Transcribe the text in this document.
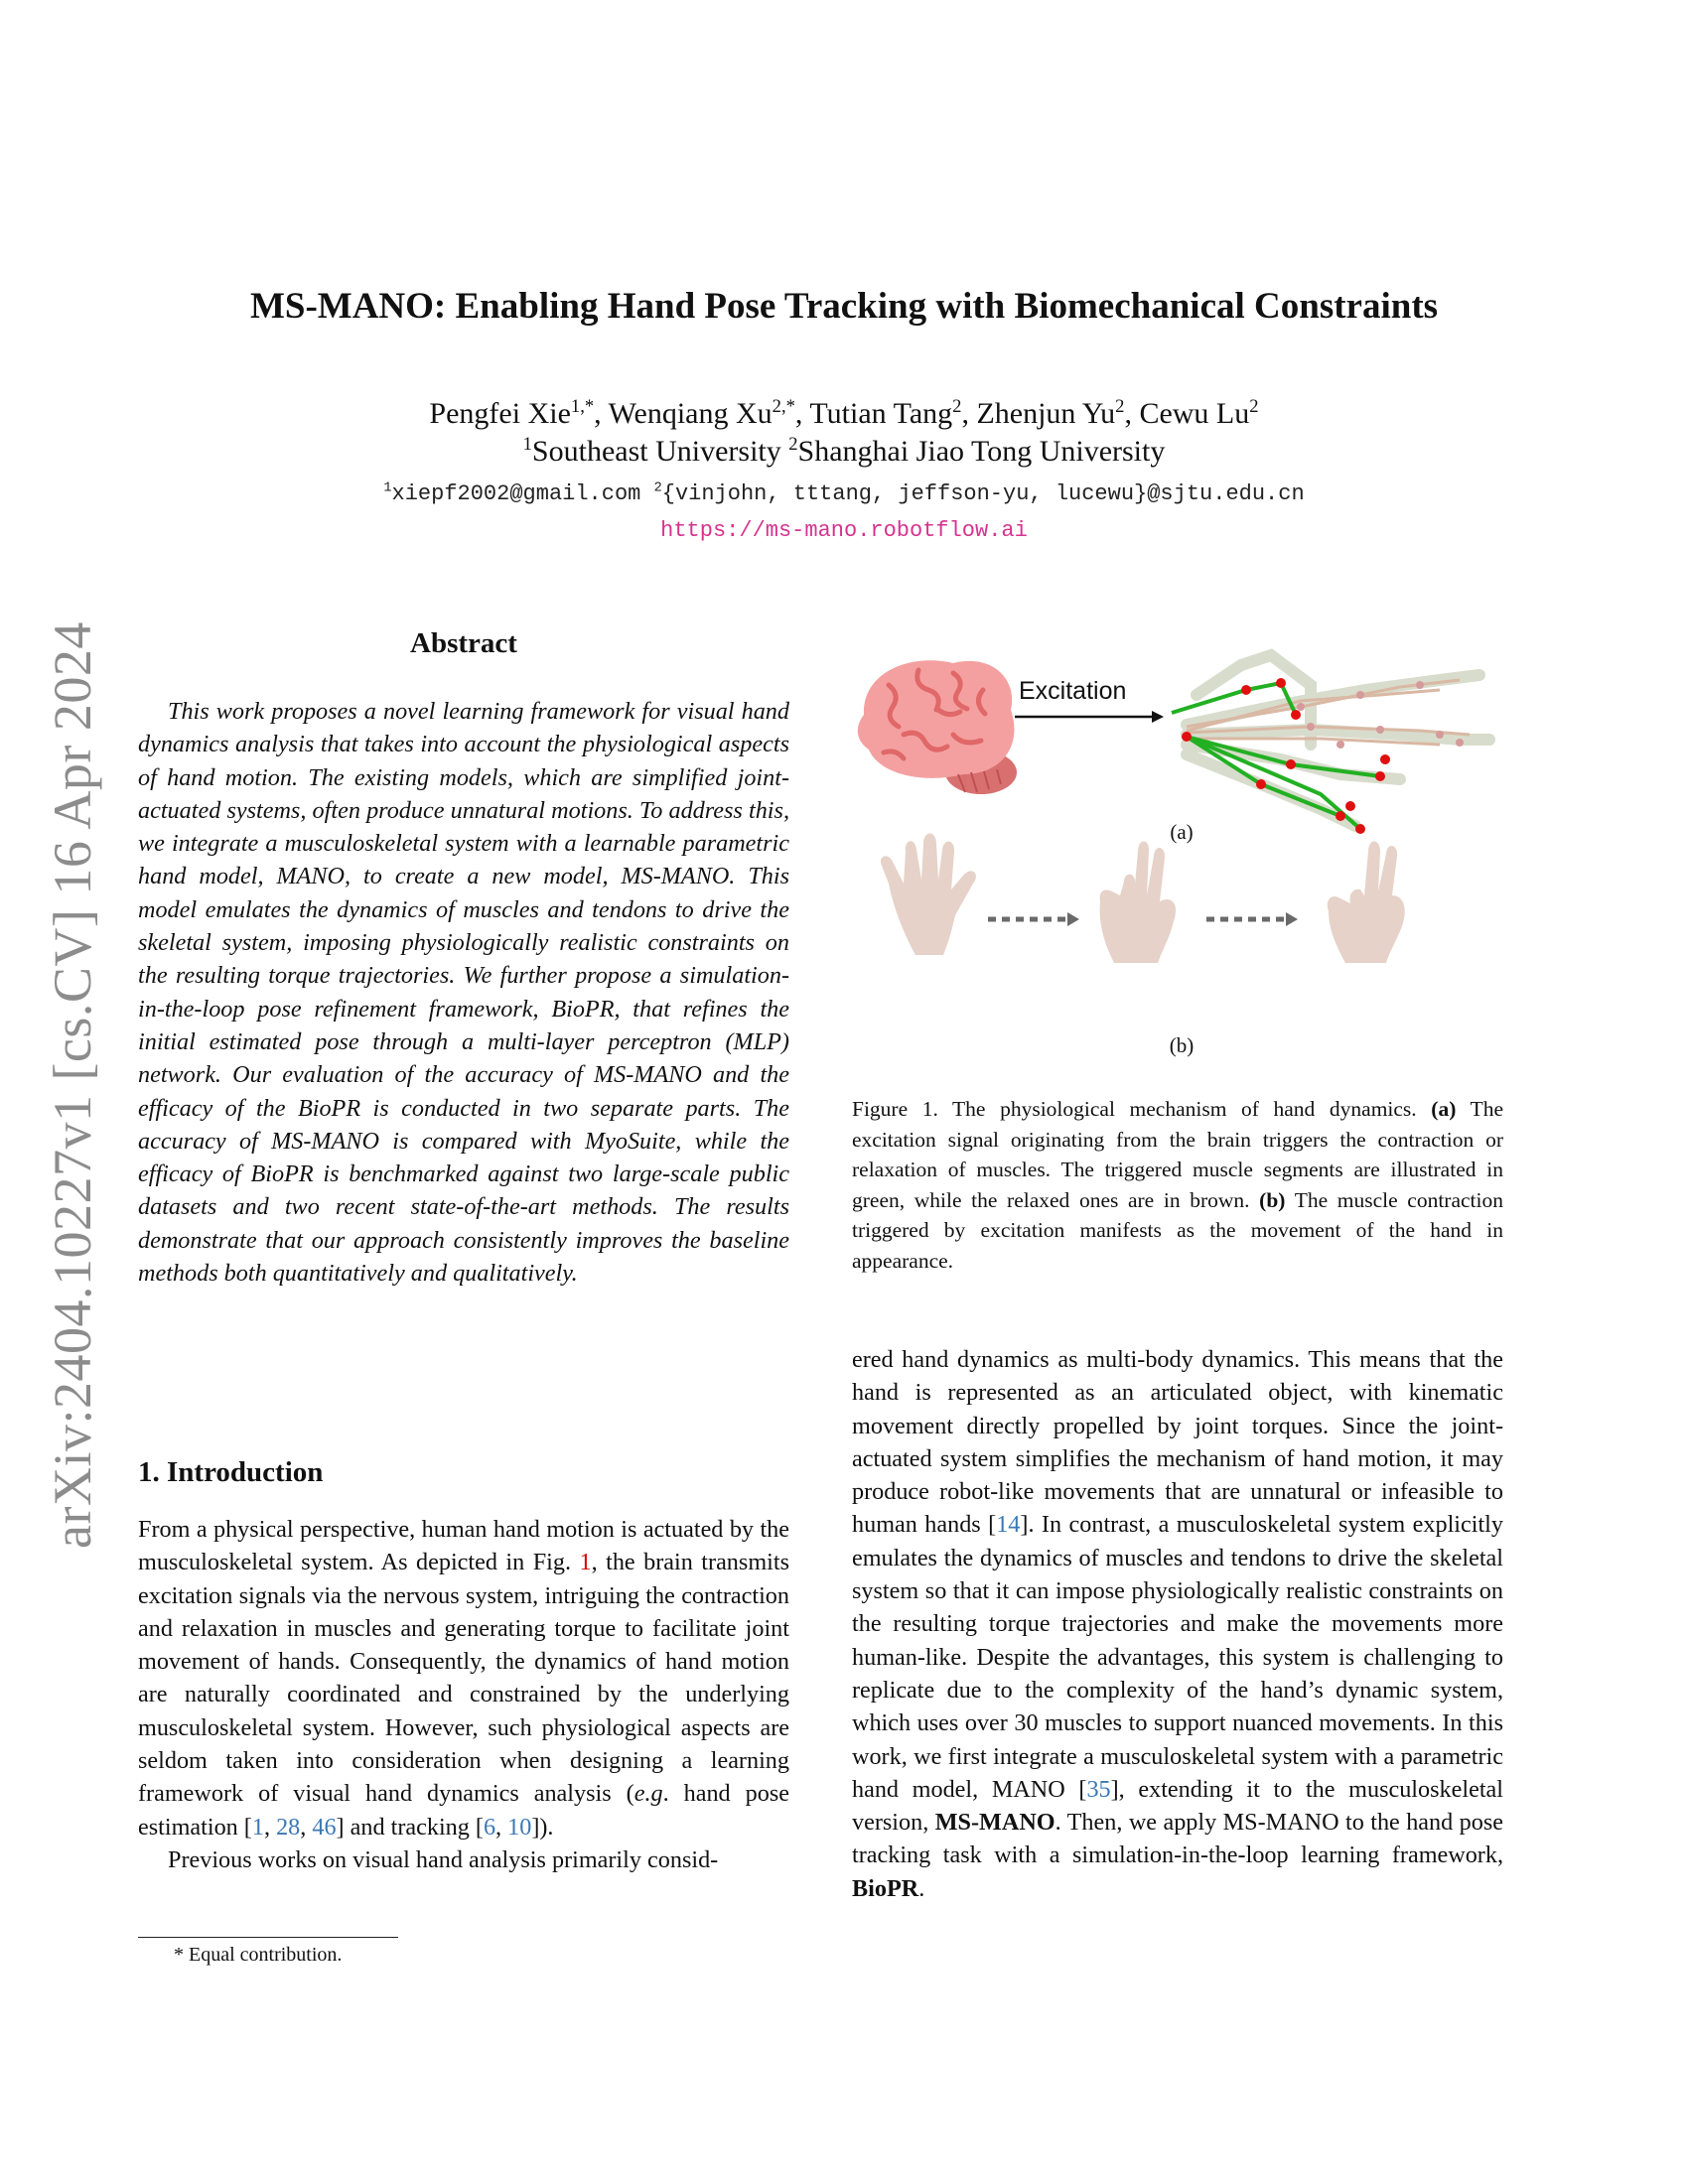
arXiv:2404.10227v1 [cs.CV] 16 Apr 2024
MS-MANO: Enabling Hand Pose Tracking with Biomechanical Constraints
Pengfei Xie$^{1,*}$, Wenqiang $Xu^{2,*}$, Tutian Tang$^2$, Zhenjun Yu$^2$, Cewu Lu$^2$
$^1$Southeast University $^2$Shanghai Jiao Tong University
$^1$xiepf2002@gmail.com $^2${vinjohn, tttang, jeffson-yu, lucewu}@sjtu.edu.cn
https://ms-mano.robotflow.ai
Abstract
This work proposes a novel learning framework for visual hand dynamics analysis that takes into account the physiological aspects of hand motion. The existing models, which are simplified joint-actuated systems, often produce unnatural motions. To address this, we integrate a musculoskeletal system with a learnable parametric hand model, MANO, to create a new model, MS-MANO. This model emulates the dynamics of muscles and tendons to drive the skeletal system, imposing physiologically realistic constraints on the resulting torque trajectories. We further propose a simulation-in-the-loop pose refinement framework, BioPR, that refines the initial estimated pose through a multi-layer perceptron (MLP) network. Our evaluation of the accuracy of MS-MANO and the efficacy of the BioPR is conducted in two separate parts. The accuracy of MS-MANO is compared with MyoSuite, while the efficacy of BioPR is benchmarked against two large-scale public datasets and two recent state-of-the-art methods. The results demonstrate that our approach consistently improves the baseline methods both quantitatively and qualitatively.
1. Introduction

From a physical perspective, human hand motion is actuated by the musculoskeletal system. As depicted in Fig. 1, the brain transmits excitation signals via the nervous system, intriguing the contraction and relaxation in muscles and generating torque to facilitate joint movement of hands. Consequently, the dynamics of hand motion are naturally coordinated and constrained by the underlying musculoskeletal system. However, such physiological aspects are seldom taken into consideration when designing a learning framework of visual hand dynamics analysis (e.g. hand pose estimation [1, 28, 46] and tracking [6, 10]).

Previous works on visual hand analysis primarily consid-

* Equal contribution.
(a)
(b)
Excitation
Figure 1. The physiological mechanism of hand dynamics. (a) The excitation signal originating from the brain triggers the contraction or relaxation of muscles. The triggered muscle segments are illustrated in green, while the relaxed ones are in brown. (b) The muscle contraction triggered by excitation manifests as the movement of the hand in appearance.

ered hand dynamics as multi-body dynamics. This means that the hand is represented as an articulated object, with kinematic movement directly propelled by joint torques. Since the joint-actuated system simplifies the mechanism of hand motion, it may produce robot-like movements that are unnatural or infeasible to human hands [14]. In contrast, a musculoskeletal system explicitly emulates the dynamics of muscles and tendons to drive the skeletal system so that it can impose physiologically realistic constraints on the resulting torque trajectories and make the movements more human-like. Despite the advantages, this system is challenging to replicate due to the complexity of the hand’s dynamic system, which uses over 30 muscles to support nuanced movements. In this work, we first integrate a musculoskeletal system with a parametric hand model, MANO [35], extending it to the musculoskeletal version, MS-MANO. Then, we apply MS-MANO to the hand pose tracking task with a simulation-in-the-loop learning framework, BioPR.
